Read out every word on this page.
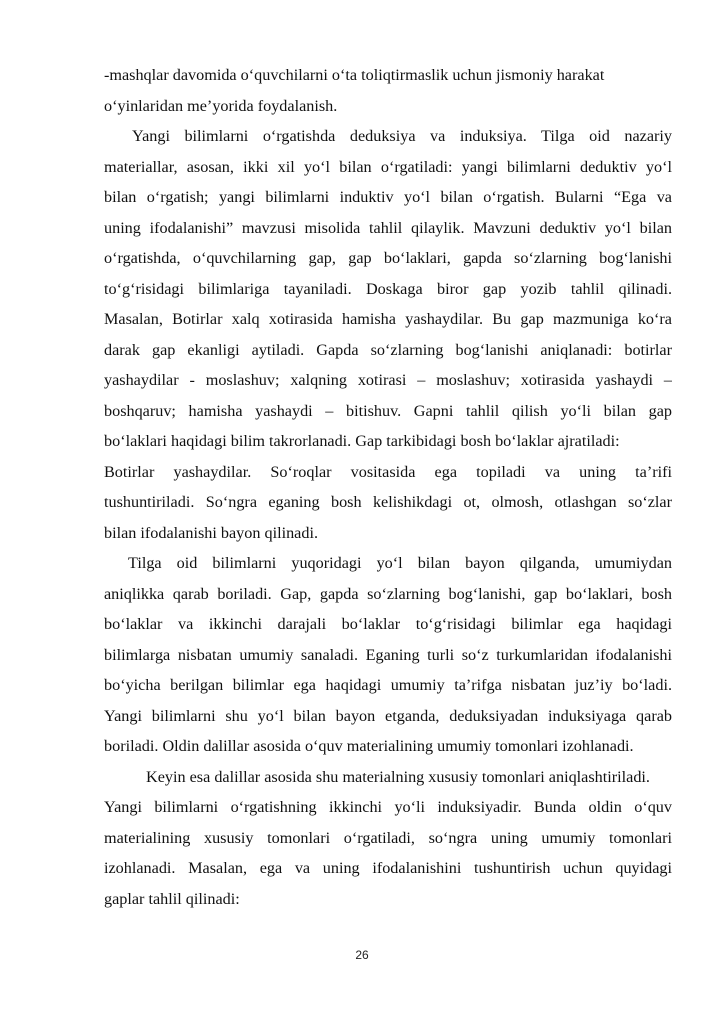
-mashqlar davomida o‘quvchilarni o‘ta toliqtirmaslik uchun jismoniy harakat
o‘yinlaridan me’yorida foydalanish.
Yangi bilimlarni o‘rgatishda deduksiya va induksiya. Tilga oid nazariy
materiallar, asosan, ikki xil yo‘l bilan o‘rgatiladi: yangi bilimlarni deduktiv yo‘l
bilan o‘rgatish; yangi bilimlarni induktiv yo‘l bilan o‘rgatish. Bularni “Ega va
uning ifodalanishi” mavzusi misolida tahlil qilaylik. Mavzuni deduktiv yo‘l bilan
o‘rgatishda, o‘quvchilarning gap, gap bo‘laklari, gapda so‘zlarning bog‘lanishi
to‘g‘risidagi bilimlariga tayaniladi. Doskaga biror gap yozib tahlil qilinadi.
Masalan, Botirlar xalq xotirasida hamisha yashaydilar. Bu gap mazmuniga ko‘ra
darak gap ekanligi aytiladi. Gapda so‘zlarning bog‘lanishi aniqlanadi: botirlar
yashaydilar - moslashuv; xalqning xotirasi – moslashuv; xotirasida yashaydi –
boshqaruv; hamisha yashaydi – bitishuv. Gapni tahlil qilish yo‘li bilan gap
bo‘laklari haqidagi bilim takrorlanadi. Gap tarkibidagi bosh bo‘laklar ajratiladi:
Botirlar yashaydilar. So‘roqlar vositasida ega topiladi va uning ta’rifi
tushuntiriladi. So‘ngra eganing bosh kelishikdagi ot, olmosh, otlashgan so‘zlar
bilan ifodalanishi bayon qilinadi.
Tilga oid bilimlarni yuqoridagi yo‘l bilan bayon qilganda, umumiydan
aniqlikka qarab boriladi. Gap, gapda so‘zlarning bog‘lanishi, gap bo‘laklari, bosh
bo‘laklar va ikkinchi darajali bo‘laklar to‘g‘risidagi bilimlar ega haqidagi
bilimlarga nisbatan umumiy sanaladi. Eganing turli so‘z turkumlaridan ifodalanishi
bo‘yicha berilgan bilimlar ega haqidagi umumiy ta’rifga nisbatan juz’iy bo‘ladi.
Yangi bilimlarni shu yo‘l bilan bayon etganda, deduksiyadan induksiyaga qarab
boriladi. Oldin dalillar asosida o‘quv materialining umumiy tomonlari izohlanadi.
Keyin esa dalillar asosida shu materialning xususiy tomonlari aniqlashtiriladi.
Yangi bilimlarni o‘rgatishning ikkinchi yo‘li induksiyadir. Bunda oldin o‘quv
materialining xususiy tomonlari o‘rgatiladi, so‘ngra uning umumiy tomonlari
izohlanadi. Masalan, ega va uning ifodalanishini tushuntirish uchun quyidagi
gaplar tahlil qilinadi:
26
